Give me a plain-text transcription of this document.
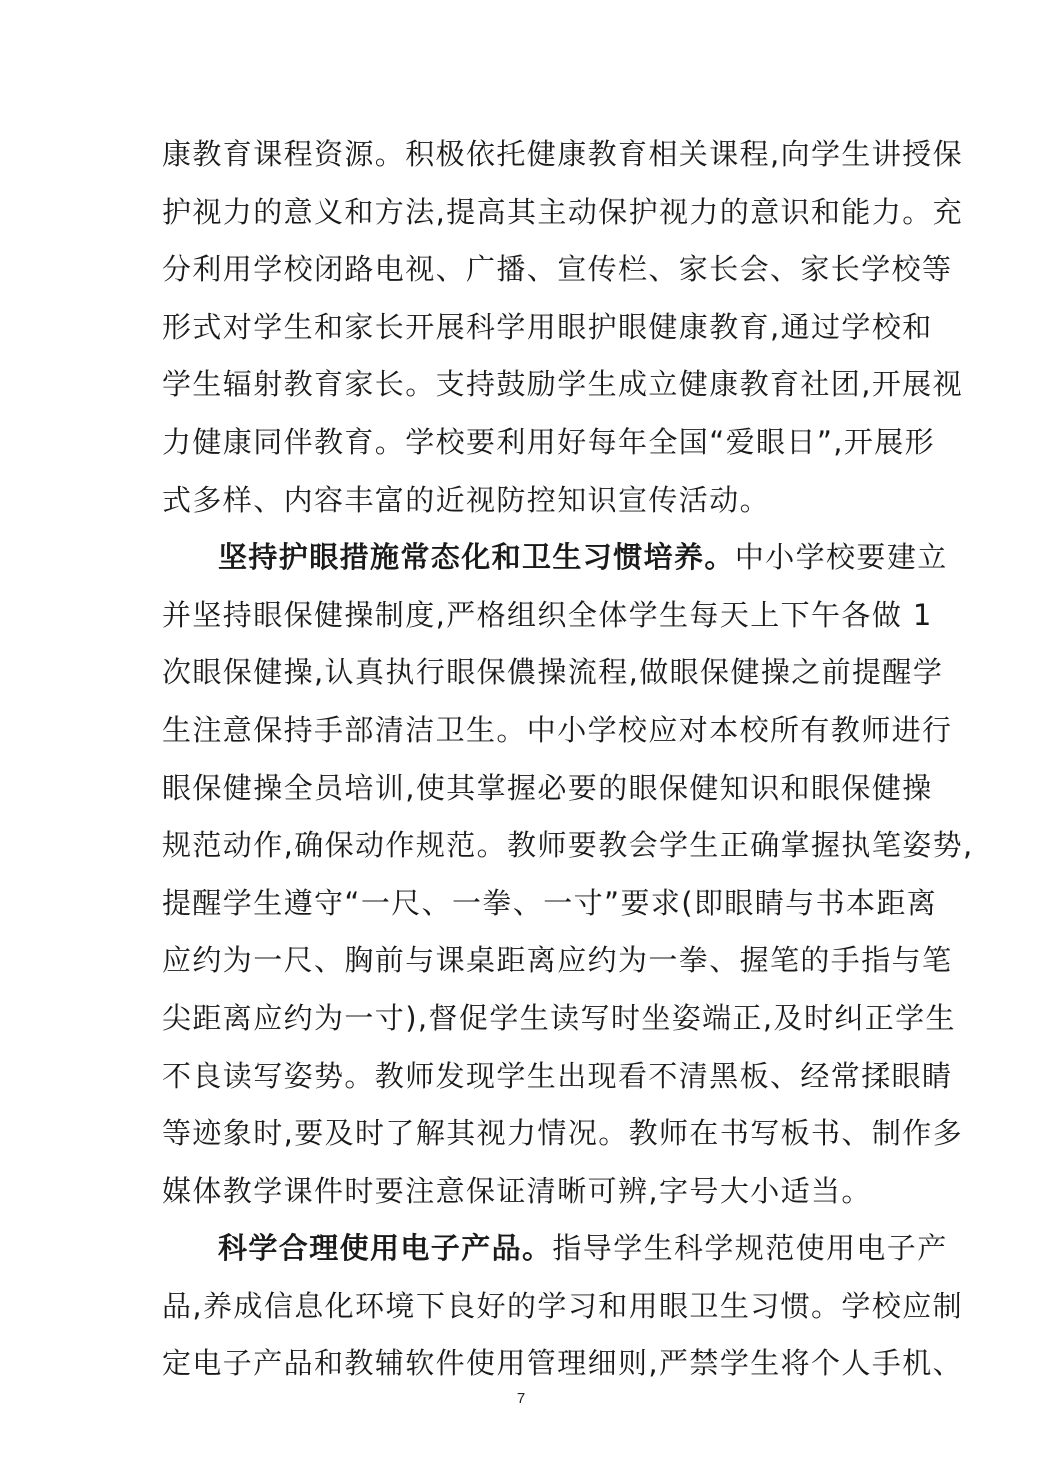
康教育课程资源。积极依托健康教育相关课程,向学生讲授保
护视力的意义和方法,提高其主动保护视力的意识和能力。充
分利用学校闭路电视、广播、宣传栏、家长会、家长学校等
形式对学生和家长开展科学用眼护眼健康教育,通过学校和
学生辐射教育家长。支持鼓励学生成立健康教育社团,开展视
力健康同伴教育。学校要利用好每年全国“爱眼日”,开展形
式多样、内容丰富的近视防控知识宣传活动。
坚持护眼措施常态化和卫生习惯培养。中小学校要建立
并坚持眼保健操制度,严格组织全体学生每天上下午各做 1
次眼保健操,认真执行眼保儂操流程,做眼保健操之前提醒学
生注意保持手部清洁卫生。中小学校应对本校所有教师进行
眼保健操全员培训,使其掌握必要的眼保健知识和眼保健操
规范动作,确保动作规范。教师要教会学生正确掌握执笔姿势,
提醒学生遵守“一尺、一拳、一寸”要求(即眼睛与书本距离
应约为一尺、胸前与课桌距离应约为一拳、握笔的手指与笔
尖距离应约为一寸),督促学生读写时坐姿端正,及时纠正学生
不良读写姿势。教师发现学生出现看不清黑板、经常揉眼睛
等迹象时,要及时了解其视力情况。教师在书写板书、制作多
媒体教学课件时要注意保证清晰可辨,字号大小适当。
科学合理使用电子产品。指导学生科学规范使用电子产
品,养成信息化环境下良好的学习和用眼卫生习惯。学校应制
定电子产品和教辅软件使用管理细则,严禁学生将个人手机、
7
